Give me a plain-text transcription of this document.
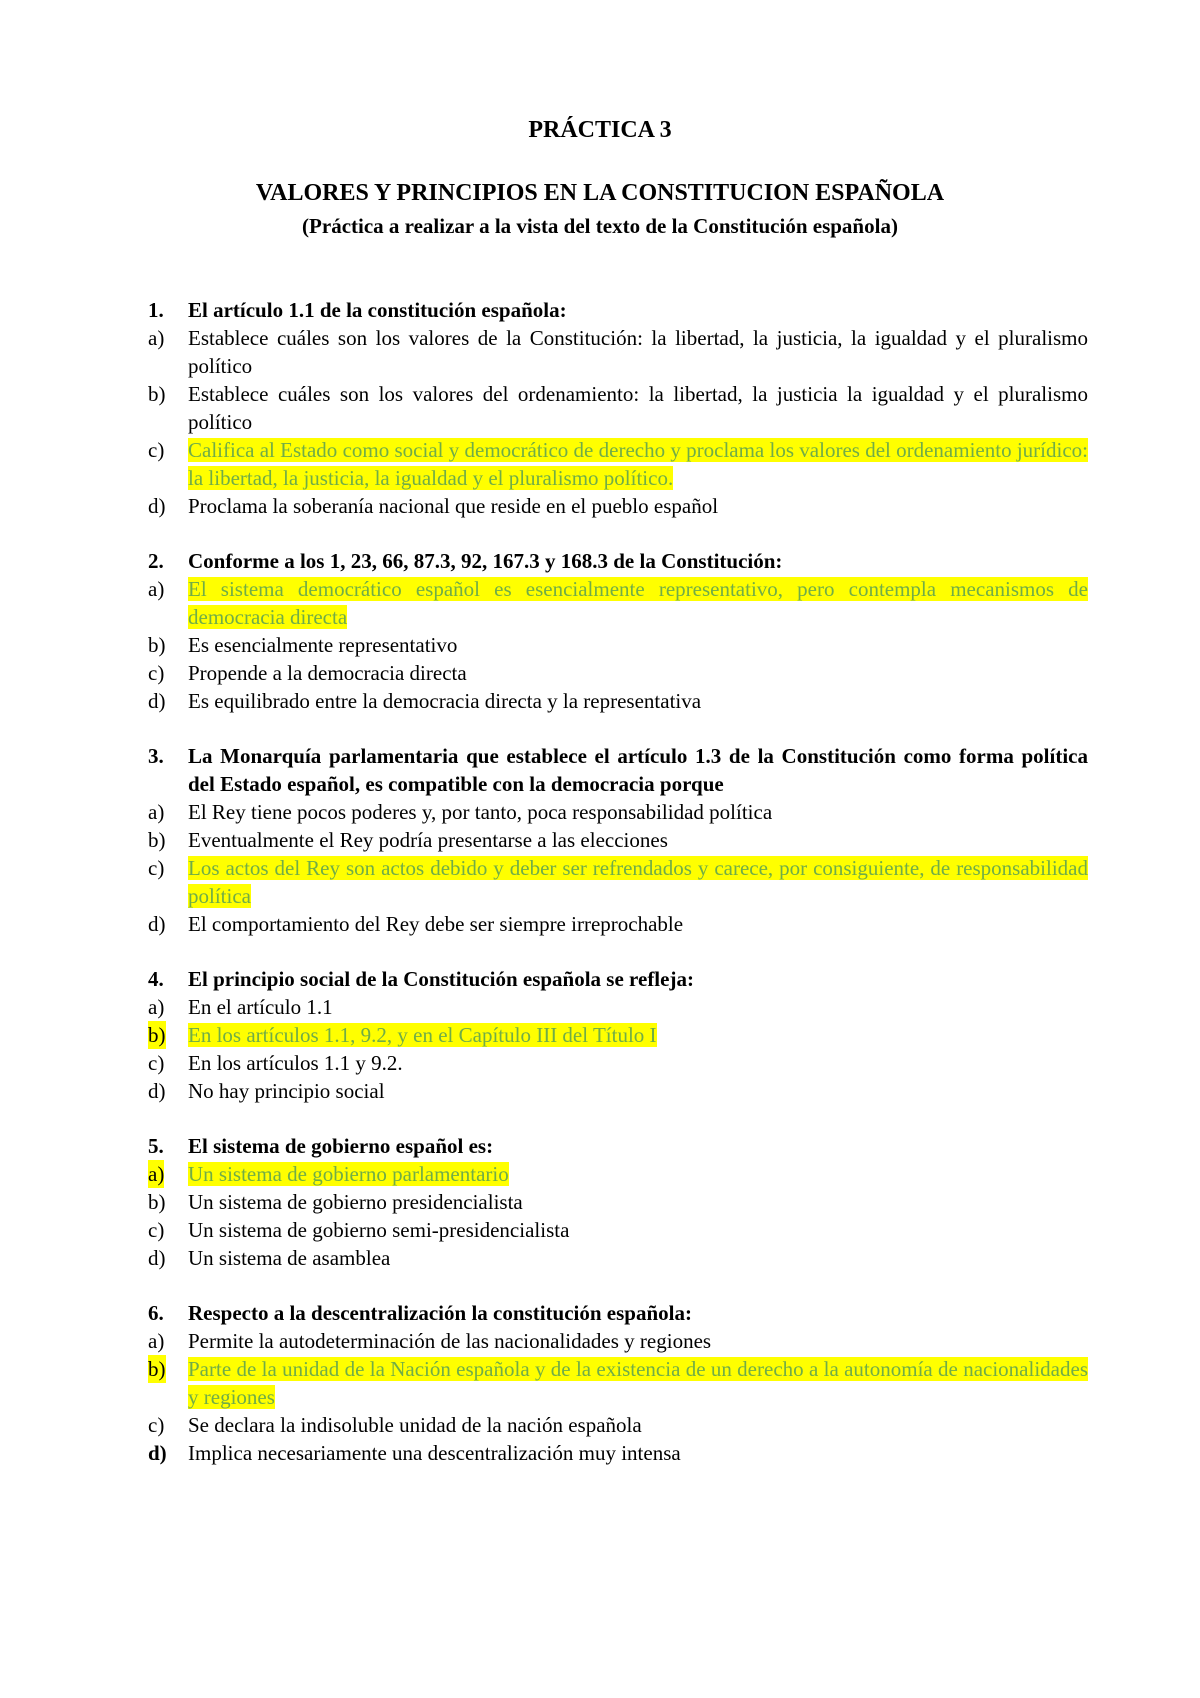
PRÁCTICA 3
VALORES Y PRINCIPIOS EN LA CONSTITUCION ESPAÑOLA
(Práctica a realizar a la vista del texto de la Constitución española)
1. El artículo 1.1 de la constitución española:
a) Establece cuáles son los valores de la Constitución: la libertad, la justicia, la igualdad y el pluralismo político
b) Establece cuáles son los valores del ordenamiento: la libertad, la justicia la igualdad y el pluralismo político
c) Califica al Estado como social y democrático de derecho y proclama los valores del ordenamiento jurídico: la libertad, la justicia, la igualdad y el pluralismo político.
d) Proclama la soberanía nacional que reside en el pueblo español
2. Conforme a los 1, 23, 66, 87.3, 92, 167.3 y 168.3 de la Constitución:
a) El sistema democrático español es esencialmente representativo, pero contempla mecanismos de democracia directa
b) Es esencialmente representativo
c) Propende a la democracia directa
d) Es equilibrado entre la democracia directa y la representativa
3. La Monarquía parlamentaria que establece el artículo 1.3 de la Constitución como forma política del Estado español, es compatible con la democracia porque
a) El Rey tiene pocos poderes y, por tanto, poca responsabilidad política
b) Eventualmente el Rey podría presentarse a las elecciones
c) Los actos del Rey son actos debido y deber ser refrendados y carece, por consiguiente, de responsabilidad política
d) El comportamiento del Rey debe ser siempre irreprochable
4. El principio social de la Constitución española se refleja:
a) En el artículo 1.1
b) En los artículos 1.1, 9.2, y en el Capítulo III del Título I
c) En los artículos 1.1 y 9.2.
d) No hay principio social
5. El sistema de gobierno español es:
a) Un sistema de gobierno parlamentario
b) Un sistema de gobierno presidencialista
c) Un sistema de gobierno semi-presidencialista
d) Un sistema de asamblea
6. Respecto a la descentralización la constitución española:
a) Permite la autodeterminación de las nacionalidades y regiones
b) Parte de la unidad de la Nación española y de la existencia de un derecho a la autonomía de nacionalidades y regiones
c) Se declara la indisoluble unidad de la nación española
d) Implica necesariamente una descentralización muy intensa
